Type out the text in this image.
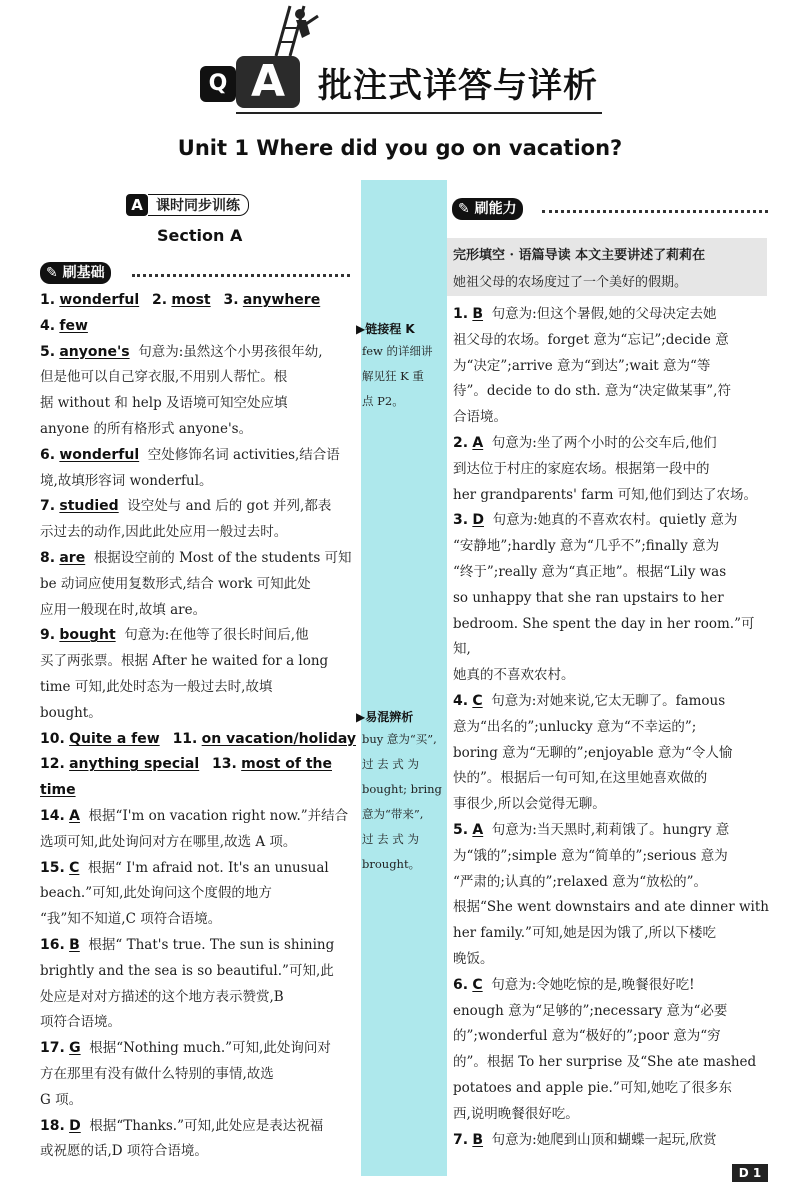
Q A 批注式详答与详析
Unit 1 Where did you go on vacation?
A 课时同步训练
Section A
✎ 刷基础

1. wonderful 2. most 3. anywhere

4. few

5. anyone's 句意为:虽然这个小男孩很年幼,

但是他可以自己穿衣服,不用别人帮忙。根

据 without 和 help 及语境可知空处应填

anyone 的所有格形式 anyone's。

6. wonderful 空处修饰名词 activities,结合语

境,故填形容词 wonderful。

7. studied 设空处与 and 后的 got 并列,都表

示过去的动作,因此此处应用一般过去时。

8. are 根据设空前的 Most of the students 可知

be 动词应使用复数形式,结合 work 可知此处

应用一般现在时,故填 are。

9. bought 句意为:在他等了很长时间后,他

买了两张票。根据 After he waited for a long

time 可知,此处时态为一般过去时,故填

bought。

10. Quite a few 11. on vacation/holiday

12. anything special 13. most of the time

14. A 根据“I'm on vacation right now.”并结合

选项可知,此处询问对方在哪里,故选 A 项。

15. C 根据“ I'm afraid not. It's an unusual

beach.”可知,此处询问这个度假的地方

“我”知不知道,C 项符合语境。

16. B 根据“ That's true. The sun is shining

brightly and the sea is so beautiful.”可知,此

处应是对对方描述的这个地方表示赞赏,B

项符合语境。

17. G 根据“Nothing much.”可知,此处询问对

方在那里有没有做什么特别的事情,故选

G 项。

18. D 根据“Thanks.”可知,此处应是表达祝福

或祝愿的话,D 项符合语境。

▶链接程 K
few 的详细讲
解见狂 K 重
点 P2。
▶易混辨析
buy 意为“买”,
过 去 式 为
bought; bring
意为“带来”,
过 去 式 为
brought。
✎ 刷能力
完形填空 · 语篇导读 本文主要讲述了莉莉在
她祖父母的农场度过了一个美好的假期。

1. B 句意为:但这个暑假,她的父母决定去她

祖父母的农场。forget 意为“忘记”;decide 意

为“决定”;arrive 意为“到达”;wait 意为“等

待”。decide to do sth. 意为“决定做某事”,符

合语境。

2. A 句意为:坐了两个小时的公交车后,他们

到达位于村庄的家庭农场。根据第一段中的

her grandparents' farm 可知,他们到达了农场。

3. D 句意为:她真的不喜欢农村。quietly 意为

“安静地”;hardly 意为“几乎不”;finally 意为

“终于”;really 意为“真正地”。根据“Lily was

so unhappy that she ran upstairs to her

bedroom. She spent the day in her room.”可知,

她真的不喜欢农村。

4. C 句意为:对她来说,它太无聊了。famous

意为“出名的”;unlucky 意为“不幸运的”;

boring 意为“无聊的”;enjoyable 意为“令人愉

快的”。根据后一句可知,在这里她喜欢做的

事很少,所以会觉得无聊。

5. A 句意为:当天黑时,莉莉饿了。hungry 意

为“饿的”;simple 意为“简单的”;serious 意为

“严肃的;认真的”;relaxed 意为“放松的”。

根据“She went downstairs and ate dinner with

her family.”可知,她是因为饿了,所以下楼吃

晚饭。

6. C 句意为:令她吃惊的是,晚餐很好吃!

enough 意为“足够的”;necessary 意为“必要

的”;wonderful 意为“极好的”;poor 意为“穷

的”。根据 To her surprise 及“She ate mashed

potatoes and apple pie.”可知,她吃了很多东

西,说明晚餐很好吃。

7. B 句意为:她爬到山顶和蝴蝶一起玩,欣赏

D 1
